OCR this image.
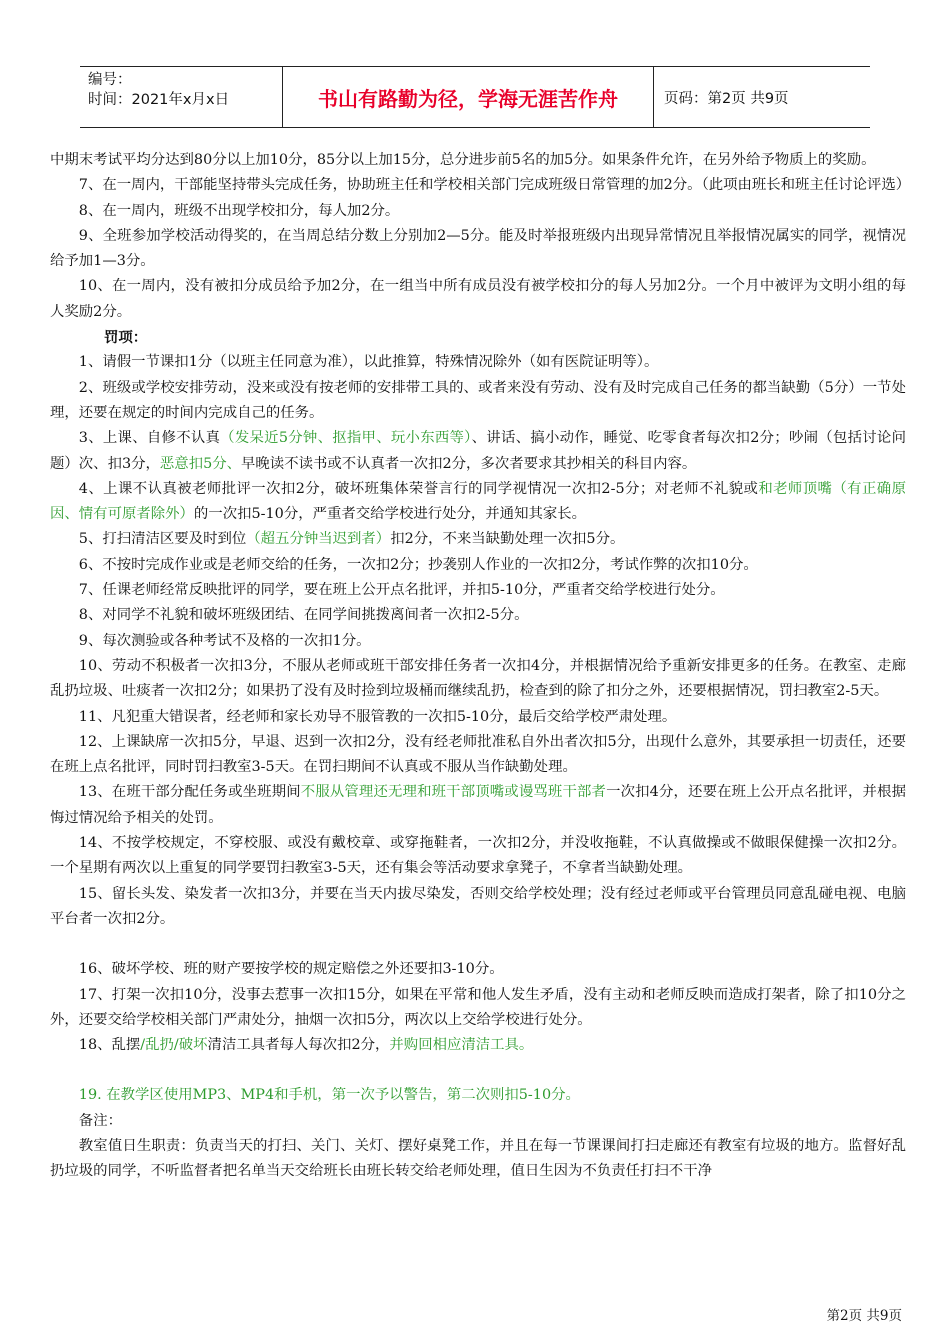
编号：
时间：2021年x月x日	书山有路勤为径，学海无涯苦作舟	页码：第2页 共9页

中期末考试平均分达到80分以上加10分，85分以上加15分，总分进步前5名的加5分。如果条件允许，在另外给予物质上的奖励。

7、在一周内，干部能坚持带头完成任务，协助班主任和学校相关部门完成班级日常管理的加2分。（此项由班长和班主任讨论评选）

8、在一周内，班级不出现学校扣分，每人加2分。

9、全班参加学校活动得奖的，在当周总结分数上分别加2—5分。能及时举报班级内出现异常情况且举报情况属实的同学，视情况给予加1—3分。

10、在一周内，没有被扣分成员给予加2分，在一组当中所有成员没有被学校扣分的每人另加2分。一个月中被评为文明小组的每人奖励2分。

罚项：

1、请假一节课扣1分（以班主任同意为准），以此推算，特殊情况除外（如有医院证明等）。

2、班级或学校安排劳动，没来或没有按老师的安排带工具的、或者来没有劳动、没有及时完成自己任务的都当缺勤（5分）一节处理，还要在规定的时间内完成自己的任务。

3、上课、自修不认真（发呆近5分钟、抠指甲、玩小东西等）、讲话、搞小动作，睡觉、吃零食者每次扣2分；吵闹（包括讨论问题）次、扣3分，恶意扣5分、早晚读不读书或不认真者一次扣2分，多次者要求其抄相关的科目内容。

4、上课不认真被老师批评一次扣2分，破坏班集体荣誉言行的同学视情况一次扣2-5分；对老师不礼貌或和老师顶嘴（有正确原因、情有可原者除外）的一次扣5-10分，严重者交给学校进行处分，并通知其家长。

5、打扫清洁区要及时到位（超五分钟当迟到者）扣2分，不来当缺勤处理一次扣5分。

6、不按时完成作业或是老师交给的任务，一次扣2分；抄袭别人作业的一次扣2分，考试作弊的次扣10分。

7、任课老师经常反映批评的同学，要在班上公开点名批评，并扣5-10分，严重者交给学校进行处分。

8、对同学不礼貌和破坏班级团结、在同学间挑拨离间者一次扣2-5分。

9、每次测验或各种考试不及格的一次扣1分。

10、劳动不积极者一次扣3分，不服从老师或班干部安排任务者一次扣4分，并根据情况给予重新安排更多的任务。在教室、走廊乱扔垃圾、吐痰者一次扣2分；如果扔了没有及时捡到垃圾桶而继续乱扔，检查到的除了扣分之外，还要根据情况，罚扫教室2-5天。

11、凡犯重大错误者，经老师和家长劝导不服管教的一次扣5-10分，最后交给学校严肃处理。

12、上课缺席一次扣5分，早退、迟到一次扣2分，没有经老师批准私自外出者次扣5分，出现什么意外，其要承担一切责任，还要在班上点名批评，同时罚扫教室3-5天。在罚扫期间不认真或不服从当作缺勤处理。

13、在班干部分配任务或坐班期间不服从管理还无理和班干部顶嘴或谩骂班干部者一次扣4分，还要在班上公开点名批评，并根据悔过情况给予相关的处罚。

14、不按学校规定，不穿校服、或没有戴校章、或穿拖鞋者，一次扣2分，并没收拖鞋，不认真做操或不做眼保健操一次扣2分。一个星期有两次以上重复的同学要罚扫教室3-5天，还有集会等活动要求拿凳子，不拿者当缺勤处理。

15、留长头发、染发者一次扣3分，并要在当天内拔尽染发，否则交给学校处理；没有经过老师或平台管理员同意乱碰电视、电脑平台者一次扣2分。

16、破坏学校、班的财产要按学校的规定赔偿之外还要扣3-10分。

17、打架一次扣10分，没事去惹事一次扣15分，如果在平常和他人发生矛盾，没有主动和老师反映而造成打架者，除了扣10分之外，还要交给学校相关部门严肃处分，抽烟一次扣5分，两次以上交给学校进行处分。

18、乱摆/乱扔/破坏清洁工具者每人每次扣2分，并购回相应清洁工具。

19. 在教学区使用MP3、MP4和手机，第一次予以警告，第二次则扣5-10分。

备注：

教室值日生职责：负责当天的打扫、关门、关灯、摆好桌凳工作，并且在每一节课课间打扫走廊还有教室有垃圾的地方。监督好乱扔垃圾的同学，不听监督者把名单当天交给班长由班长转交给老师处理，值日生因为不负责任打扫不干净

第2页 共9页
